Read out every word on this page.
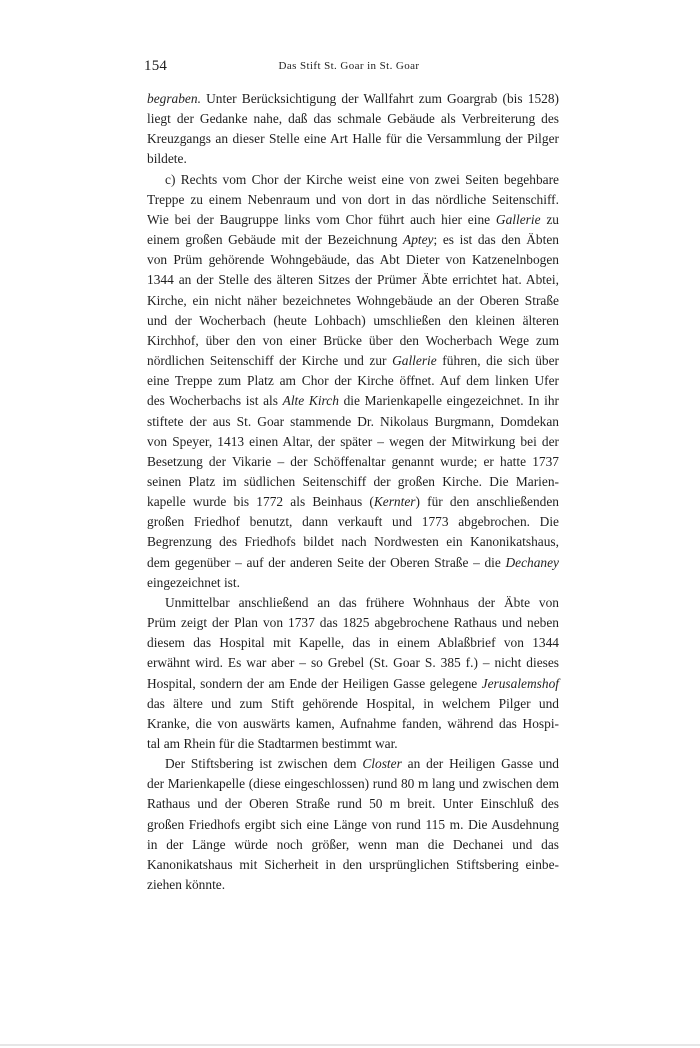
154	Das Stift St. Goar in St. Goar
begraben. Unter Berücksichtigung der Wallfahrt zum Goargrab (bis 1528)
liegt der Gedanke nahe, daß das schmale Gebäude als Verbreiterung des
Kreuzgangs an dieser Stelle eine Art Halle für die Versammlung der Pilger
bildete.
c) Rechts vom Chor der Kirche weist eine von zwei Seiten begehbare
Treppe zu einem Nebenraum und von dort in das nördliche Seitenschiff.
Wie bei der Baugruppe links vom Chor führt auch hier eine Gallerie zu
einem großen Gebäude mit der Bezeichnung Aptey; es ist das den Äbten
von Prüm gehörende Wohngebäude, das Abt Dieter von Katzenelnbogen
1344 an der Stelle des älteren Sitzes der Prümer Äbte errichtet hat. Abtei,
Kirche, ein nicht näher bezeichnetes Wohngebäude an der Oberen Straße
und der Wocherbach (heute Lohbach) umschließen den kleinen älteren
Kirchhof, über den von einer Brücke über den Wocherbach Wege zum
nördlichen Seitenschiff der Kirche und zur Gallerie führen, die sich über
eine Treppe zum Platz am Chor der Kirche öffnet. Auf dem linken Ufer
des Wocherbachs ist als Alte Kirch die Marienkapelle eingezeichnet. In ihr
stiftete der aus St. Goar stammende Dr. Nikolaus Burgmann, Domdekan
von Speyer, 1413 einen Altar, der später – wegen der Mitwirkung bei der
Besetzung der Vikarie – der Schöffenaltar genannt wurde; er hatte 1737
seinen Platz im südlichen Seitenschiff der großen Kirche. Die Marien-
kapelle wurde bis 1772 als Beinhaus (Kernter) für den anschließenden
großen Friedhof benutzt, dann verkauft und 1773 abgebrochen. Die
Begrenzung des Friedhofs bildet nach Nordwesten ein Kanonikatshaus,
dem gegenüber – auf der anderen Seite der Oberen Straße – die Dechaney
eingezeichnet ist.
Unmittelbar anschließend an das frühere Wohnhaus der Äbte von
Prüm zeigt der Plan von 1737 das 1825 abgebrochene Rathaus und neben
diesem das Hospital mit Kapelle, das in einem Ablaßbrief von 1344
erwähnt wird. Es war aber – so Grebel (St. Goar S. 385 f.) – nicht dieses
Hospital, sondern der am Ende der Heiligen Gasse gelegene Jerusalemshof
das ältere und zum Stift gehörende Hospital, in welchem Pilger und
Kranke, die von auswärts kamen, Aufnahme fanden, während das Hospi-
tal am Rhein für die Stadtarmen bestimmt war.
Der Stiftsbering ist zwischen dem Closter an der Heiligen Gasse und
der Marienkapelle (diese eingeschlossen) rund 80 m lang und zwischen dem
Rathaus und der Oberen Straße rund 50 m breit. Unter Einschluß des
großen Friedhofs ergibt sich eine Länge von rund 115 m. Die Ausdehnung
in der Länge würde noch größer, wenn man die Dechanei und das
Kanonikatshaus mit Sicherheit in den ursprünglichen Stiftsbering einbe-
ziehen könnte.
